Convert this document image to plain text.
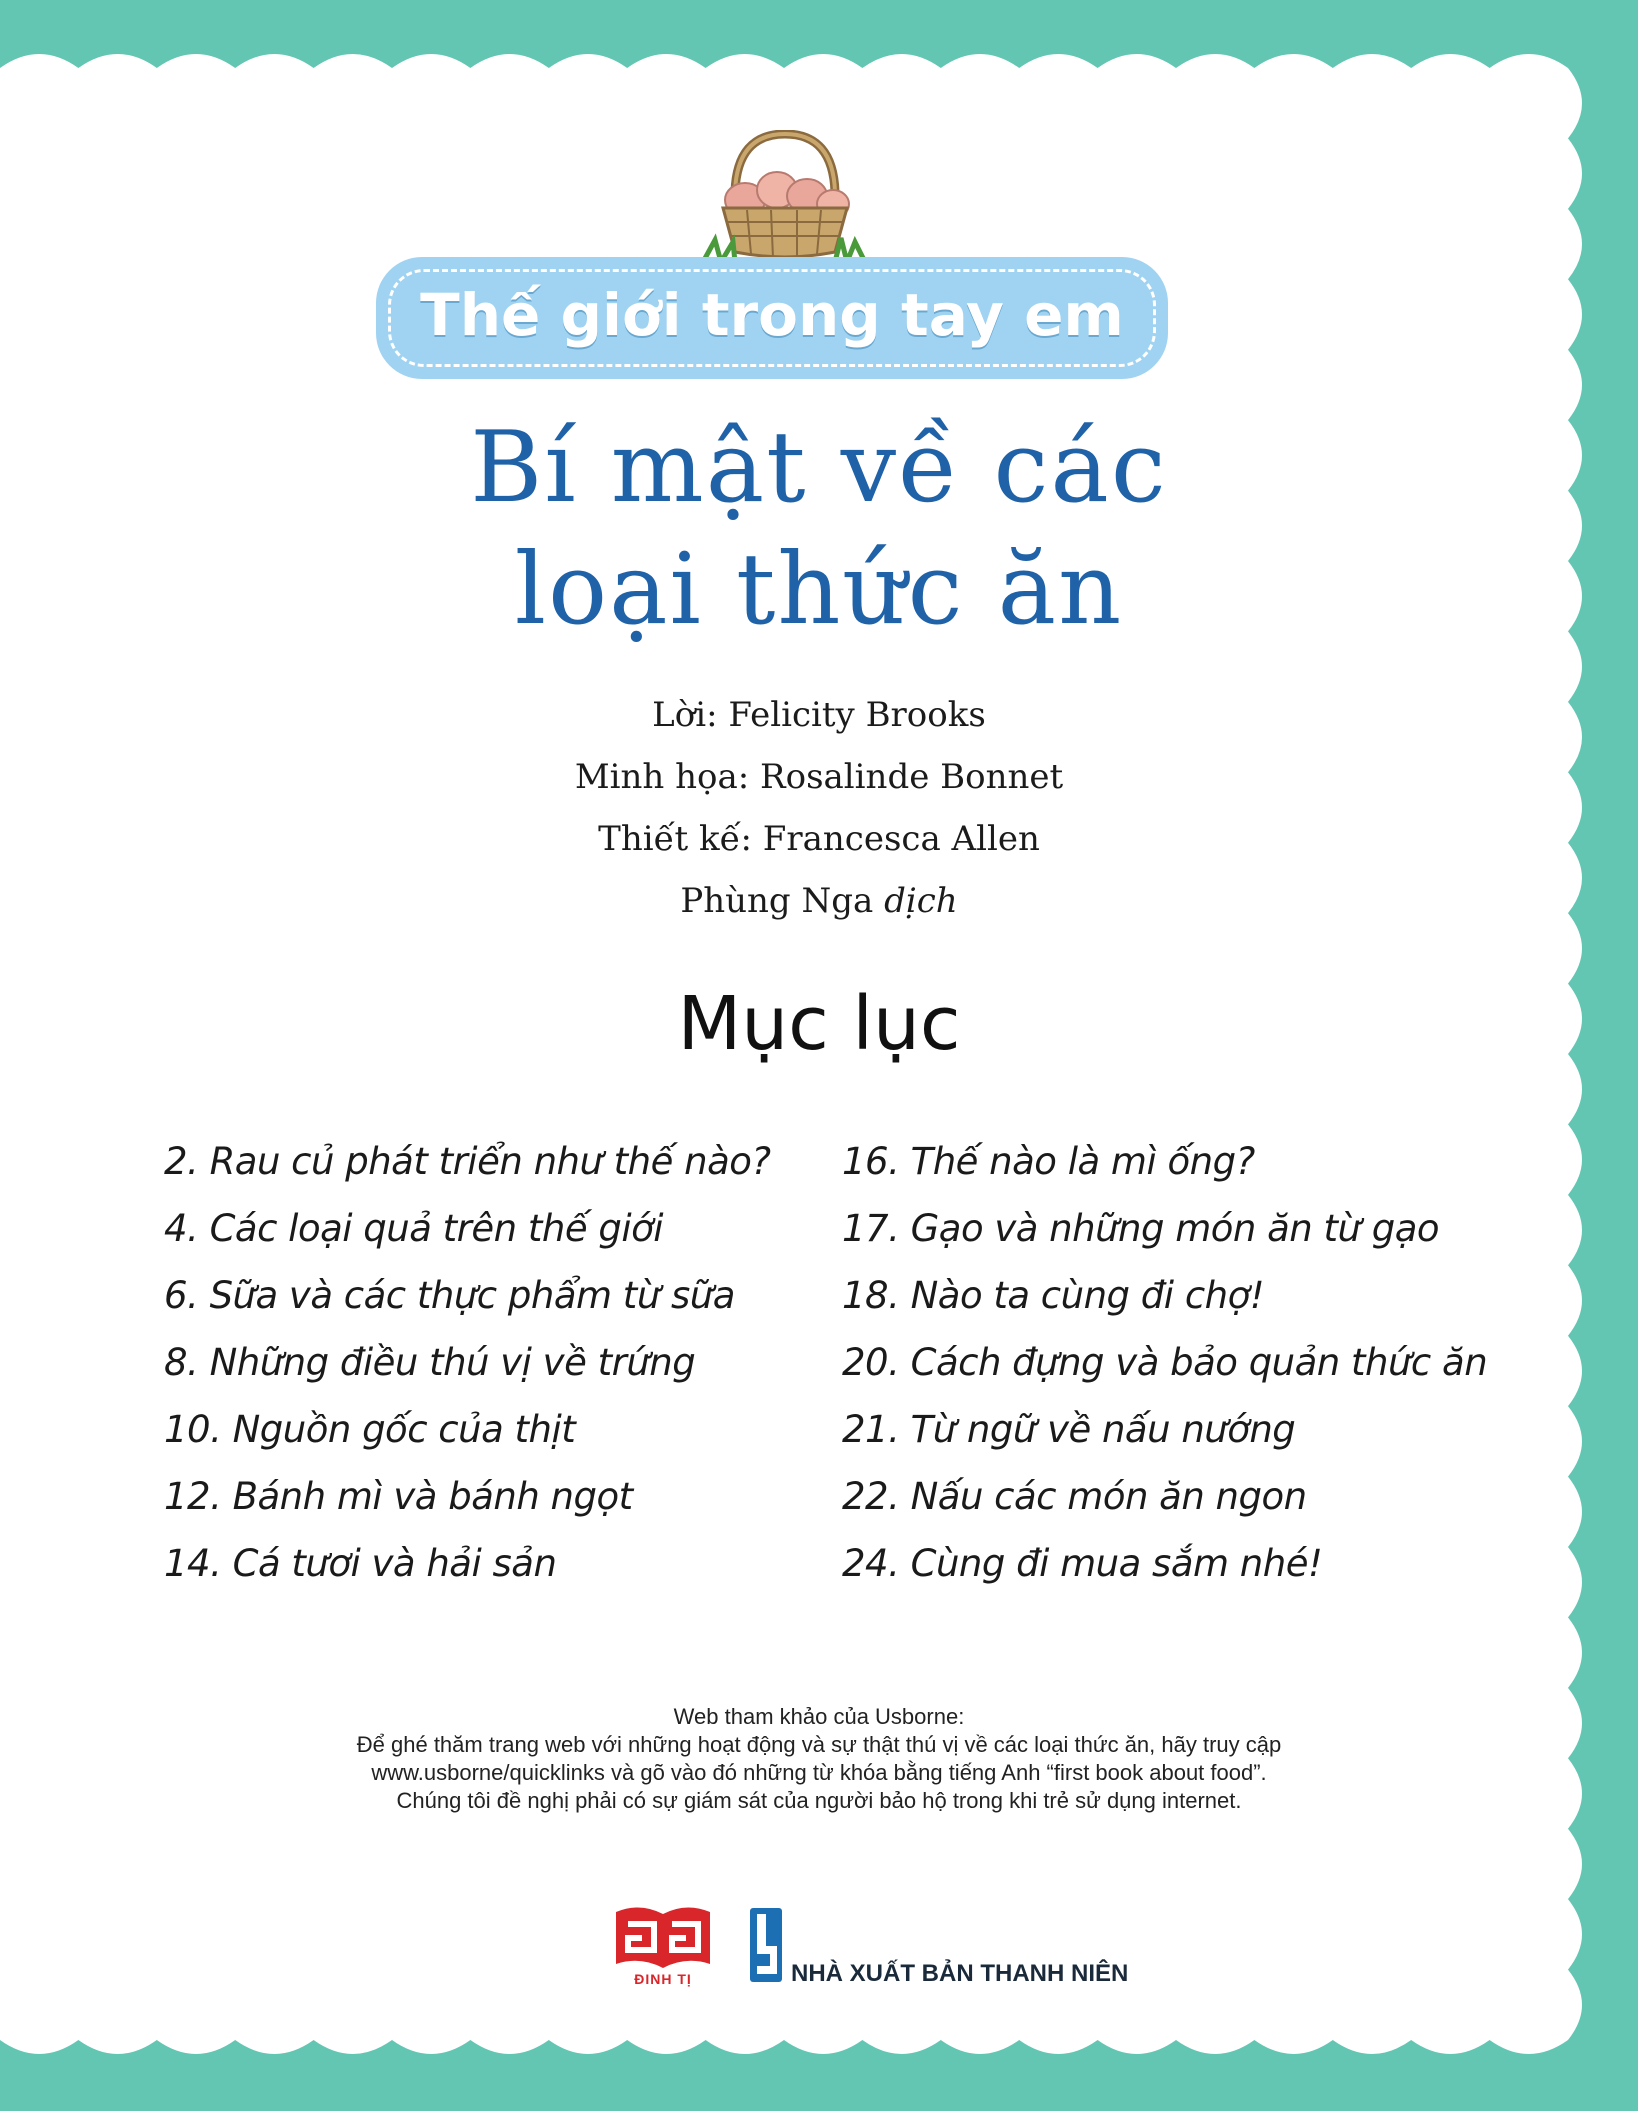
Thế giới trong tay em
Bí mật về các
loại thức ăn
Lời: Felicity Brooks
Minh họa: Rosalinde Bonnet
Thiết kế: Francesca Allen
Phùng Nga dịch
Mục lục
2. Rau củ phát triển như thế nào?
4. Các loại quả trên thế giới
6. Sữa và các thực phẩm từ sữa
8. Những điều thú vị về trứng
10. Nguồn gốc của thịt
12. Bánh mì và bánh ngọt
14. Cá tươi và hải sản
16. Thế nào là mì ống?
17. Gạo và những món ăn từ gạo
18. Nào ta cùng đi chợ!
20. Cách đựng và bảo quản thức ăn
21. Từ ngữ về nấu nướng
22. Nấu các món ăn ngon
24. Cùng đi mua sắm nhé!
Web tham khảo của Usborne:
Để ghé thăm trang web với những hoạt động và sự thật thú vị về các loại thức ăn, hãy truy cập
www.usborne/quicklinks và gõ vào đó những từ khóa bằng tiếng Anh “first book about food”.
Chúng tôi đề nghị phải có sự giám sát của người bảo hộ trong khi trẻ sử dụng internet.
ĐINH TỊ	NHÀ XUẤT BẢN THANH NIÊN
